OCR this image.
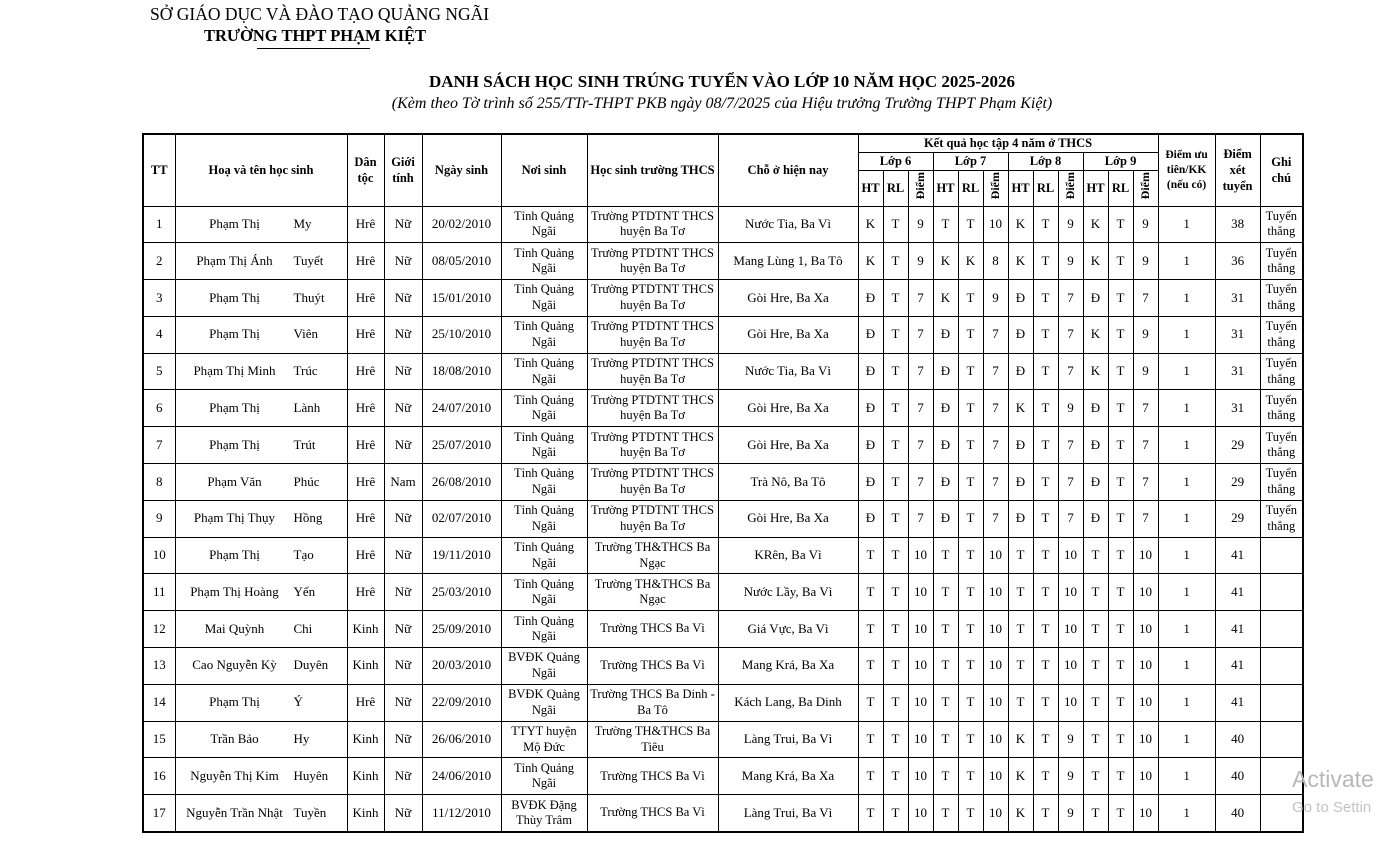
SỞ GIÁO DỤC VÀ ĐÀO TẠO QUẢNG NGÃI
TRƯỜNG THPT PHẠM KIỆT
DANH SÁCH HỌC SINH TRÚNG TUYỂN VÀO LỚP 10 NĂM HỌC 2025-2026
(Kèm theo Tờ trình số 255/TTr-THPT PKB ngày 08/7/2025 của Hiệu trưởng Trường THPT Phạm Kiệt)
TT	Hoạ và tên học sinh	Dân tộc	Giới tính	Ngày sinh	Nơi sinh	Học sinh trường THCS	Chỗ ở hiện nay	Kết quả học tập 4 năm ở THCS												Điểm ưu tiên/KK (nếu có)	Điểm xét tuyển	Ghi chú
								Lớp 6			Lớp 7			Lớp 8			Lớp 9					
								HT	RL	Điểm	HT	RL	Điểm	HT	RL	Điểm	HT	RL	Điểm			
1	Phạm Thị My	Hrê	Nữ	20/02/2010	Tỉnh Quảng Ngãi	Trường PTDTNT THCS huyện Ba Tơ	Nước Tia, Ba Vì	K	T	9	T	T	10	K	T	9	K	T	9	1	38	Tuyển thẳng
2	Phạm Thị Ánh Tuyết	Hrê	Nữ	08/05/2010	Tỉnh Quảng Ngãi	Trường PTDTNT THCS huyện Ba Tơ	Mang Lùng 1, Ba Tô	K	T	9	K	K	8	K	T	9	K	T	9	1	36	Tuyển thẳng
3	Phạm Thị Thuýt	Hrê	Nữ	15/01/2010	Tỉnh Quảng Ngãi	Trường PTDTNT THCS huyện Ba Tơ	Gòi Hre, Ba Xa	Đ	T	7	K	T	9	Đ	T	7	Đ	T	7	1	31	Tuyển thẳng
4	Phạm Thị Viên	Hrê	Nữ	25/10/2010	Tỉnh Quảng Ngãi	Trường PTDTNT THCS huyện Ba Tơ	Gòi Hre, Ba Xa	Đ	T	7	Đ	T	7	Đ	T	7	K	T	9	1	31	Tuyển thẳng
5	Phạm Thị Minh Trúc	Hrê	Nữ	18/08/2010	Tỉnh Quảng Ngãi	Trường PTDTNT THCS huyện Ba Tơ	Nước Tia, Ba Vì	Đ	T	7	Đ	T	7	Đ	T	7	K	T	9	1	31	Tuyển thẳng
6	Phạm Thị Lành	Hrê	Nữ	24/07/2010	Tỉnh Quảng Ngãi	Trường PTDTNT THCS huyện Ba Tơ	Gòi Hre, Ba Xa	Đ	T	7	Đ	T	7	K	T	9	Đ	T	7	1	31	Tuyển thẳng
7	Phạm Thị Trút	Hrê	Nữ	25/07/2010	Tỉnh Quảng Ngãi	Trường PTDTNT THCS huyện Ba Tơ	Gòi Hre, Ba Xa	Đ	T	7	Đ	T	7	Đ	T	7	Đ	T	7	1	29	Tuyển thẳng
8	Phạm Văn Phúc	Hrê	Nam	26/08/2010	Tỉnh Quảng Ngãi	Trường PTDTNT THCS huyện Ba Tơ	Trà Nô, Ba Tô	Đ	T	7	Đ	T	7	Đ	T	7	Đ	T	7	1	29	Tuyển thẳng
9	Phạm Thị Thụy Hồng	Hrê	Nữ	02/07/2010	Tỉnh Quảng Ngãi	Trường PTDTNT THCS huyện Ba Tơ	Gòi Hre, Ba Xa	Đ	T	7	Đ	T	7	Đ	T	7	Đ	T	7	1	29	Tuyển thẳng
10	Phạm Thị Tạo	Hrê	Nữ	19/11/2010	Tỉnh Quảng Ngãi	Trường TH&THCS Ba Ngạc	KRên, Ba Vì	T	T	10	T	T	10	T	T	10	T	T	10	1	41	
11	Phạm Thị Hoàng Yến	Hrê	Nữ	25/03/2010	Tỉnh Quảng Ngãi	Trường TH&THCS Ba Ngạc	Nước Lầy, Ba Vì	T	T	10	T	T	10	T	T	10	T	T	10	1	41	
12	Mai Quỳnh Chi	Kinh	Nữ	25/09/2010	Tỉnh Quảng Ngãi	Trường THCS Ba Vì	Giá Vực, Ba Vì	T	T	10	T	T	10	T	T	10	T	T	10	1	41	
13	Cao Nguyễn Kỳ Duyên	Kinh	Nữ	20/03/2010	BVĐK Quảng Ngãi	Trường THCS Ba Vì	Mang Krá, Ba Xa	T	T	10	T	T	10	T	T	10	T	T	10	1	41	
14	Phạm Thị Ý	Hrê	Nữ	22/09/2010	BVĐK Quảng Ngãi	Trường THCS Ba Dinh - Ba Tô	Kách Lang, Ba Dinh	T	T	10	T	T	10	T	T	10	T	T	10	1	41	
15	Trần Bảo Hy	Kinh	Nữ	26/06/2010	TTYT huyện Mộ Đức	Trường TH&THCS Ba Tiêu	Làng Trui, Ba Vì	T	T	10	T	T	10	K	T	9	T	T	10	1	40	
16	Nguyễn Thị Kim Huyên	Kinh	Nữ	24/06/2010	Tỉnh Quảng Ngãi	Trường THCS Ba Vì	Mang Krá, Ba Xa	T	T	10	T	T	10	K	T	9	T	T	10	1	40	
17	Nguyễn Trần Nhật Tuyền	Kinh	Nữ	11/12/2010	BVĐK Đặng Thùy Trâm	Trường THCS Ba Vì	Làng Trui, Ba Vì	T	T	10	T	T	10	K	T	9	T	T	10	1	40	
Activate
Go to Settin
